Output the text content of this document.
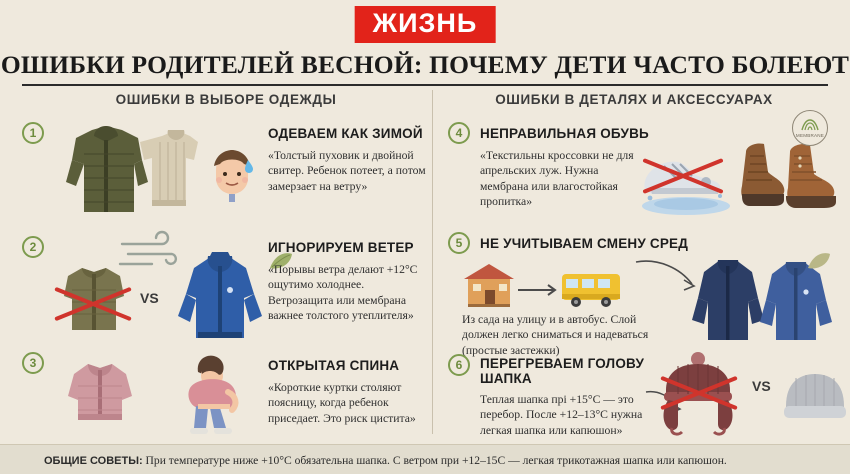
ЖИЗНЬ
ОШИБКИ РОДИТЕЛЕЙ ВЕСНОЙ: ПОЧЕМУ ДЕТИ ЧАСТО БОЛЕЮТ
ОШИБКИ В ВЫБОРЕ ОДЕЖДЫ	ОШИБКИ В ДЕТАЛЯХ И АКСЕССУАРАХ
1	ОДЕВАЕМ КАК ЗИМОЙ
«Толстый пуховик и двойной свитер. Ребенок потеет, а потом замерзает на ветру»
2
VS
ИГНОРИРУЕМ ВЕТЕР
«Порывы ветра делают +12°С ощутимо холоднее. Ветрозащита или мембрана важнее толстого утеплителя»
3	ОТКРЫТАЯ СПИНА
«Короткие куртки столяют поясницу, когда ребенок приседает. Это риск цистита»
4	НЕПРАВИЛЬНАЯ ОБУВЬ
«Текстильны кроссовки не для апрельских луж. Нужна мембрана или влагостойкая пропитка»
MEMBRANE
5	НЕ УЧИТЫВАЕМ СМЕНУ СРЕД
Из сада на улицу и в автобус. Слой должен легко сниматься и надеваться (простые застежки)
6	ПЕРЕГРЕВАЕМ ГОЛОВУ
ШАПКА
Теплая шапка прi +15°С — это перебор. После +12–13°С нужна легкая шапка или капюшон»
VS
ОБЩИЕ СОВЕТЫ: При температуре ниже +10°С обязательна шапка. С ветром при +12–15С — легкая трикотажная шапка или капюшон.
